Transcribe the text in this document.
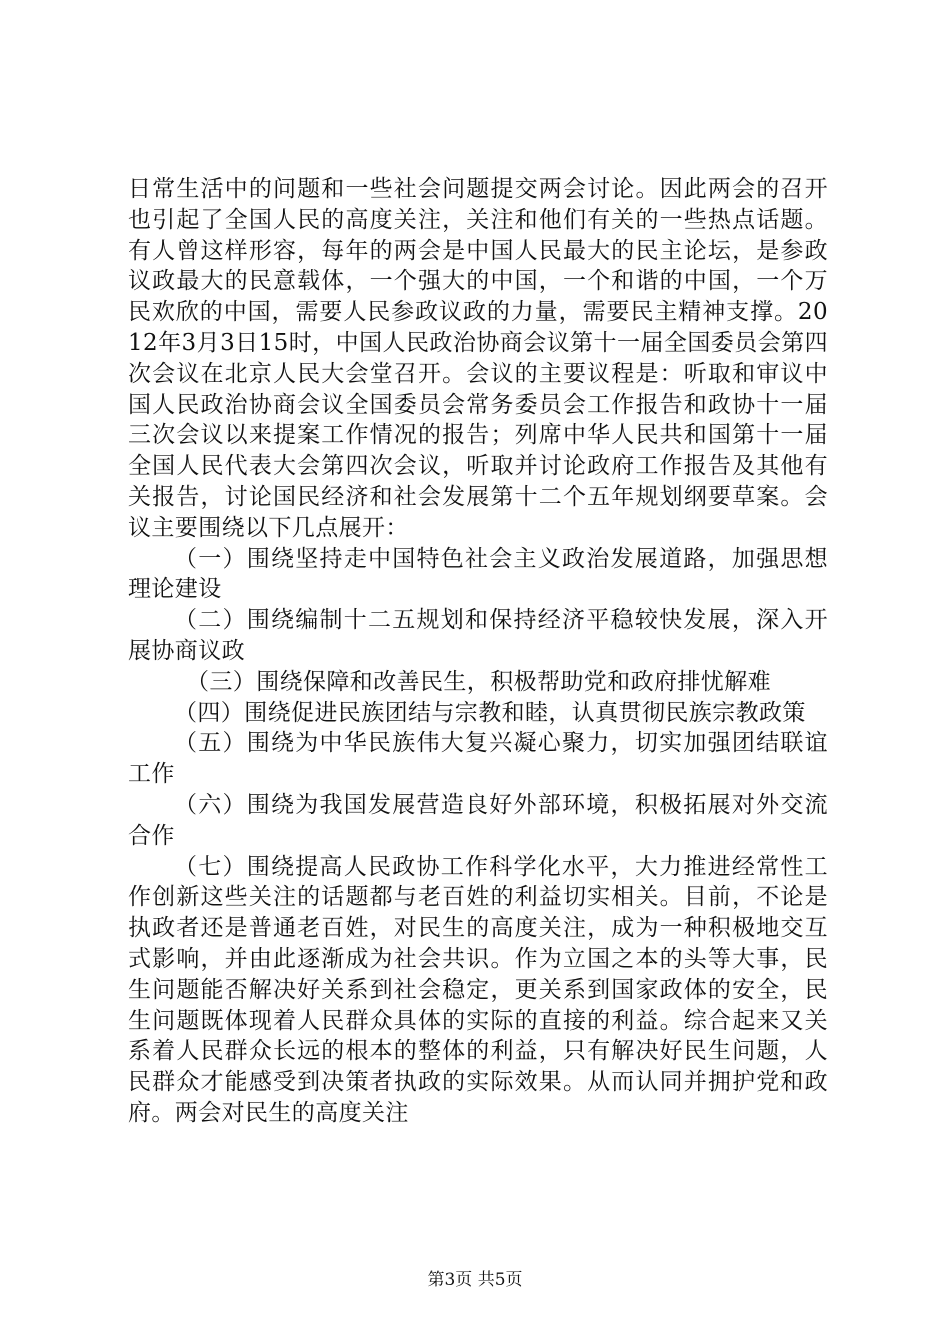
日常生活中的问题和一些社会问题提交两会讨论。因此两会的召开也引起了全国人民的高度关注，关注和他们有关的一些热点话题。有人曾这样形容，每年的两会是中国人民最大的民主论坛，是参政议政最大的民意载体，一个强大的中国，一个和谐的中国，一个万民欢欣的中国，需要人民参政议政的力量，需要民主精神支撑。2012年3月3日15时，中国人民政治协商会议第十一届全国委员会第四次会议在北京人民大会堂召开。会议的主要议程是：听取和审议中国人民政治协商会议全国委员会常务委员会工作报告和政协十一届三次会议以来提案工作情况的报告；列席中华人民共和国第十一届全国人民代表大会第四次会议，听取并讨论政府工作报告及其他有关报告，讨论国民经济和社会发展第十二个五年规划纲要草案。会议主要围绕以下几点展开：

（一）围绕坚持走中国特色社会主义政治发展道路，加强思想理论建设

（二）围绕编制十二五规划和保持经济平稳较快发展，深入开展协商议政

（三）围绕保障和改善民生，积极帮助党和政府排忧解难

（四）围绕促进民族团结与宗教和睦，认真贯彻民族宗教政策

（五）围绕为中华民族伟大复兴凝心聚力，切实加强团结联谊工作

（六）围绕为我国发展营造良好外部环境，积极拓展对外交流合作

（七）围绕提高人民政协工作科学化水平，大力推进经常性工作创新这些关注的话题都与老百姓的利益切实相关。目前，不论是执政者还是普通老百姓，对民生的高度关注，成为一种积极地交互式影响，并由此逐渐成为社会共识。作为立国之本的头等大事，民生问题能否解决好关系到社会稳定，更关系到国家政体的安全，民生问题既体现着人民群众具体的实际的直接的利益。综合起来又关系着人民群众长远的根本的整体的利益，只有解决好民生问题，人民群众才能感受到决策者执政的实际效果。从而认同并拥护党和政府。两会对民生的高度关注

第3页 共5页
